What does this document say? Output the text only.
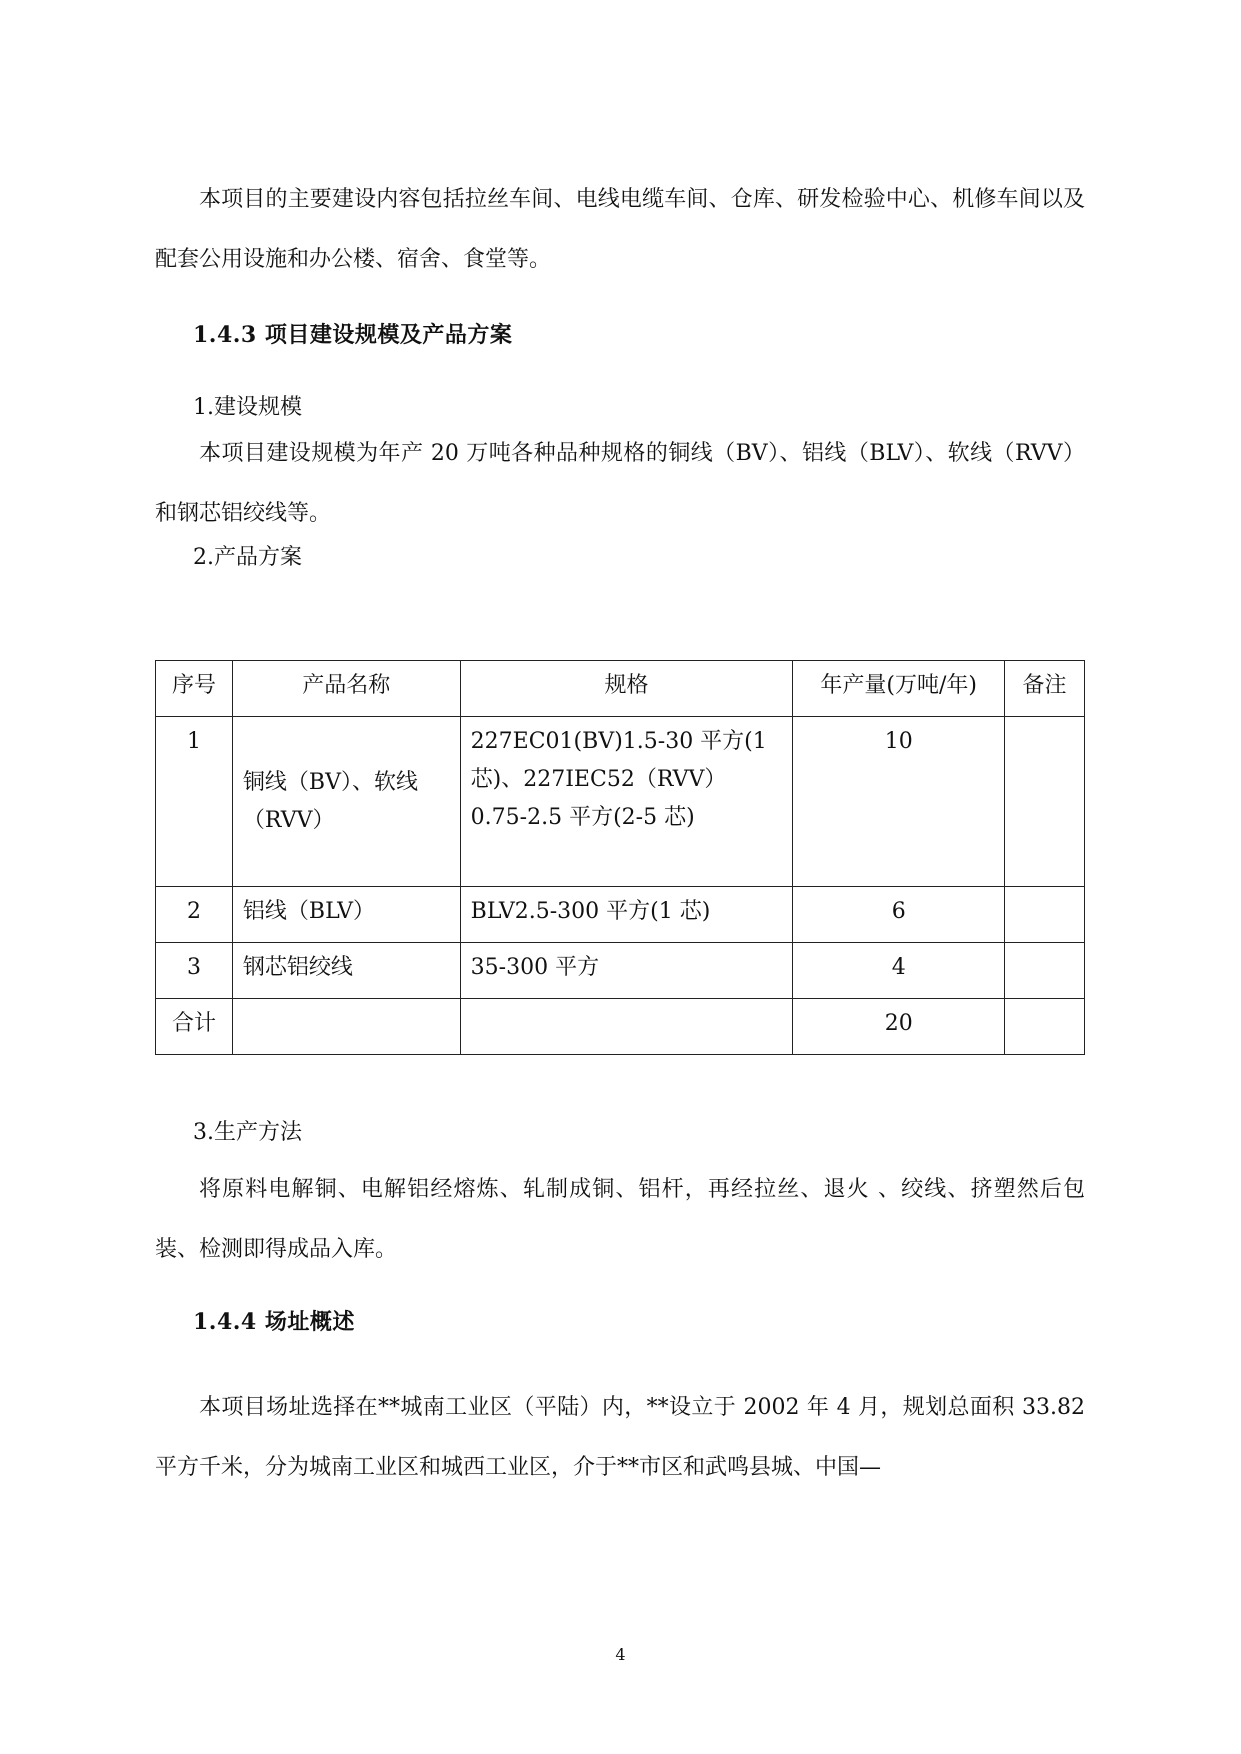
本项目的主要建设内容包括拉丝车间、电线电缆车间、仓库、研发检验中心、机修车间以及配套公用设施和办公楼、宿舍、食堂等。

1.4.3 项目建设规模及产品方案

1.建设规模

本项目建设规模为年产 20 万吨各种品种规格的铜线（BV）、铝线（BLV）、软线（RVV）和钢芯铝绞线等。

2.产品方案

序号	产品名称	规格	年产量(万吨/年)	备注
1	铜线（BV）、软线（RVV）	227EC01(BV)1.5-30 平方(1 芯)、227IEC52（RVV）0.75-2.5 平方(2-5 芯)	10	
2	铝线（BLV）	BLV2.5-300 平方(1 芯)	6	
3	钢芯铝绞线	35-300 平方	4	
合计			20	

3.生产方法

将原料电解铜、电解铝经熔炼、轧制成铜、铝杆，再经拉丝、退火 、绞线、挤塑然后包装、检测即得成品入库。

1.4.4 场址概述

本项目场址选择在**城南工业区（平陆）内，**设立于 2002 年 4 月，规划总面积 33.82 平方千米，分为城南工业区和城西工业区，介于**市区和武鸣县城、中国—

4
